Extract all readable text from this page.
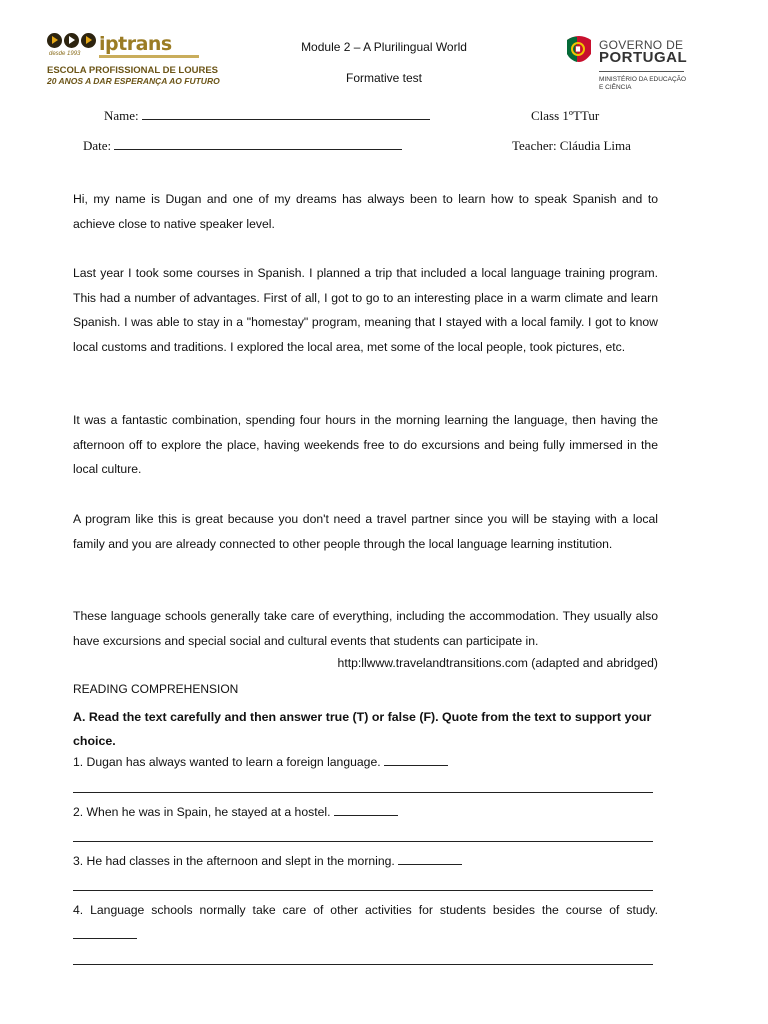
desde 1993 iptrans
ESCOLA PROFISSIONAL DE LOURES
20 ANOS A DAR ESPERANÇA AO FUTURO
Module 2 – A Plurilingual World
Formative test
GOVERNO DE
PORTUGAL
MINISTÉRIO DA EDUCAÇÃO
E CIÊNCIA
Name:
Date:
Class 1ºTTur
Teacher: Cláudia Lima
Hi, my name is Dugan and one of my dreams has always been to learn how to speak Spanish and to achieve close to native speaker level.
Last year I took some courses in Spanish. I planned a trip that included a local language training program. This had a number of advantages. First of all, I got to go to an interesting place in a warm climate and learn Spanish. I was able to stay in a "homestay" program, meaning that I stayed with a local family. I got to know local customs and traditions. I explored the local area, met some of the local people, took pictures, etc.
It was a fantastic combination, spending four hours in the morning learning the language, then having the afternoon off to explore the place, having weekends free to do excursions and being fully immersed in the local culture.
A program like this is great because you don't need a travel partner since you will be staying with a local family and you are already connected to other people through the local language learning institution.
These language schools generally take care of everything, including the accommodation. They usually also have excursions and special social and cultural events that students can participate in.
http:llwww.travelandtransitions.com (adapted and abridged)
READING COMPREHENSION
A. Read the text carefully and then answer true (T) or false (F). Quote from the text to support your choice.
1. Dugan has always wanted to learn a foreign language.
2. When he was in Spain, he stayed at a hostel.
3. He had classes in the afternoon and slept in the morning.
4. Language schools normally take care of other activities for students besides the course of study.
